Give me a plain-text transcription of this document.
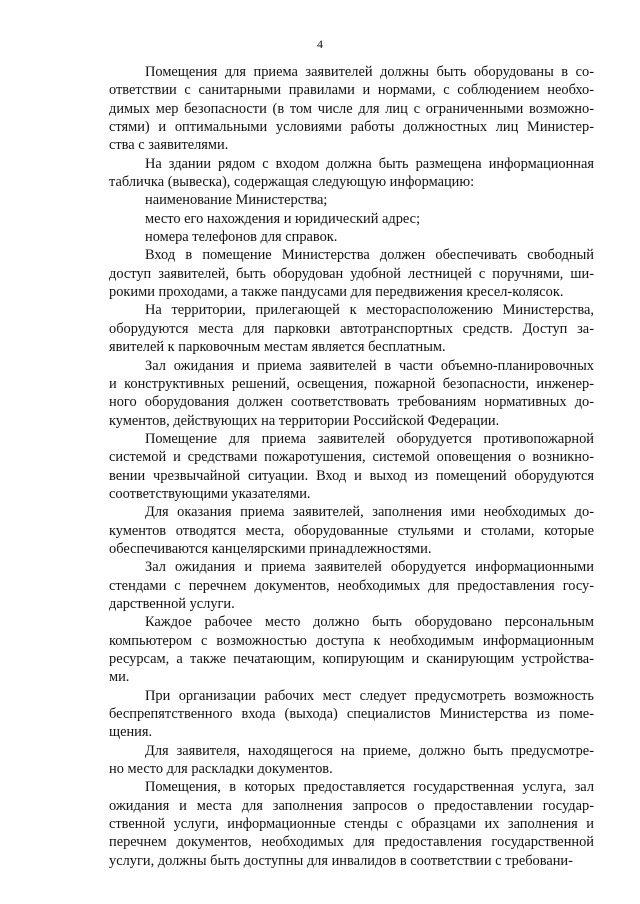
4
Помещения для приема заявителей должны быть оборудованы в со-
ответствии с санитарными правилами и нормами, с соблюдением необхо-
димых мер безопасности (в том числе для лиц с ограниченными возможно-
стями) и оптимальными условиями работы должностных лиц Министер-
ства с заявителями.
На здании рядом с входом должна быть размещена информационная
табличка (вывеска), содержащая следующую информацию:
наименование Министерства;
место его нахождения и юридический адрес;
номера телефонов для справок.
Вход в помещение Министерства должен обеспечивать свободный
доступ заявителей, быть оборудован удобной лестницей с поручнями, ши-
рокими проходами, а также пандусами для передвижения кресел-колясок.
На территории, прилегающей к месторасположению Министерства,
оборудуются места для парковки автотранспортных средств. Доступ за-
явителей к парковочным местам является бесплатным.
Зал ожидания и приема заявителей в части объемно-планировочных
и конструктивных решений, освещения, пожарной безопасности, инженер-
ного оборудования должен соответствовать требованиям нормативных до-
кументов, действующих на территории Российской Федерации.
Помещение для приема заявителей оборудуется противопожарной
системой и средствами пожаротушения, системой оповещения о возникно-
вении чрезвычайной ситуации. Вход и выход из помещений оборудуются
соответствующими указателями.
Для оказания приема заявителей, заполнения ими необходимых до-
кументов отводятся места, оборудованные стульями и столами, которые
обеспечиваются канцелярскими принадлежностями.
Зал ожидания и приема заявителей оборудуется информационными
стендами с перечнем документов, необходимых для предоставления госу-
дарственной услуги.
Каждое рабочее место должно быть оборудовано персональным
компьютером с возможностью доступа к необходимым информационным
ресурсам, а также печатающим, копирующим и сканирующим устройства-
ми.
При организации рабочих мест следует предусмотреть возможность
беспрепятственного входа (выхода) специалистов Министерства из поме-
щения.
Для заявителя, находящегося на приеме, должно быть предусмотре-
но место для раскладки документов.
Помещения, в которых предоставляется государственная услуга, зал
ожидания и места для заполнения запросов о предоставлении государ-
ственной услуги, информационные стенды с образцами их заполнения и
перечнем документов, необходимых для предоставления государственной
услуги, должны быть доступны для инвалидов в соответствии с требовани-
